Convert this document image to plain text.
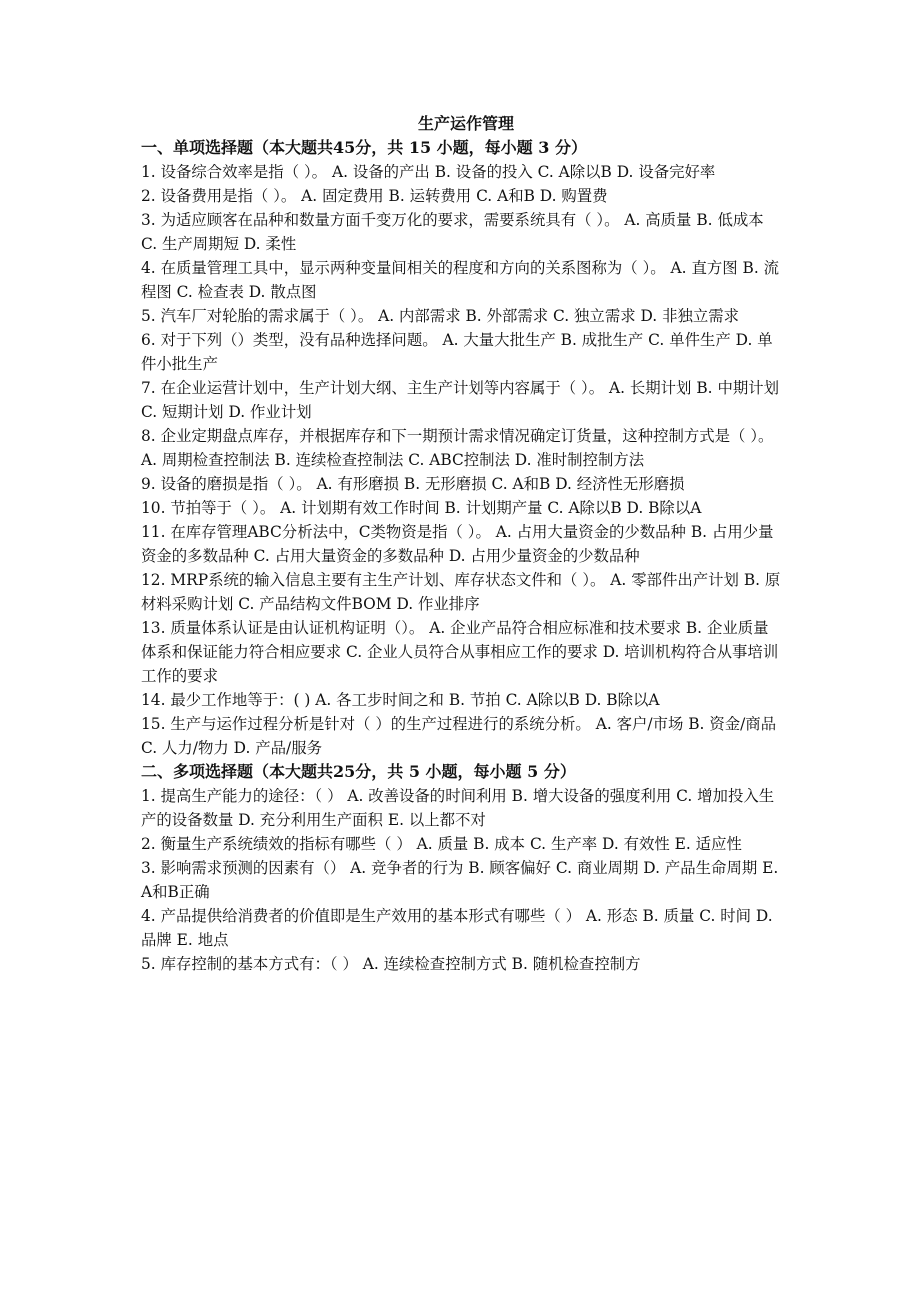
生产运作管理
一、单项选择题（本大题共45分，共 15 小题，每小题 3 分）

1. 设备综合效率是指（ ）。 A. 设备的产出 B. 设备的投入 C. A除以B D. 设备完好率

2. 设备费用是指（ ）。 A. 固定费用 B. 运转费用 C. A和B D. 购置费

3. 为适应顾客在品种和数量方面千变万化的要求，需要系统具有（ ）。 A. 高质量 B. 低成本 C. 生产周期短 D. 柔性

4. 在质量管理工具中，显示两种变量间相关的程度和方向的关系图称为（ ）。 A. 直方图 B. 流程图 C. 检查表 D. 散点图

5. 汽车厂对轮胎的需求属于（ ）。 A. 内部需求 B. 外部需求 C. 独立需求 D. 非独立需求

6. 对于下列（）类型，没有品种选择问题。 A. 大量大批生产 B. 成批生产 C. 单件生产 D. 单件小批生产

7. 在企业运营计划中，生产计划大纲、主生产计划等内容属于（ ）。 A. 长期计划 B. 中期计划 C. 短期计划 D. 作业计划

8. 企业定期盘点库存，并根据库存和下一期预计需求情况确定订货量，这种控制方式是（ ）。 A. 周期检查控制法 B. 连续检查控制法 C. ABC控制法 D. 准时制控制方法

9. 设备的磨损是指（ ）。 A. 有形磨损 B. 无形磨损 C. A和B D. 经济性无形磨损

10. 节拍等于（ ）。 A. 计划期有效工作时间 B. 计划期产量 C. A除以B D. B除以A

11. 在库存管理ABC分析法中，C类物资是指（ ）。 A. 占用大量资金的少数品种 B. 占用少量资金的多数品种 C. 占用大量资金的多数品种 D. 占用少量资金的少数品种

12. MRP系统的输入信息主要有主生产计划、库存状态文件和（ ）。 A. 零部件出产计划 B. 原材料采购计划 C. 产品结构文件BOM D. 作业排序

13. 质量体系认证是由认证机构证明（）。 A. 企业产品符合相应标准和技术要求 B. 企业质量体系和保证能力符合相应要求 C. 企业人员符合从事相应工作的要求 D. 培训机构符合从事培训工作的要求

14. 最少工作地等于：( ) A. 各工步时间之和 B. 节拍 C. A除以B D. B除以A

15. 生产与运作过程分析是针对（ ）的生产过程进行的系统分析。 A. 客户/市场 B. 资金/商品 C. 人力/物力 D. 产品/服务

二、多项选择题（本大题共25分，共 5 小题，每小题 5 分）

1. 提高生产能力的途径：（ ） A. 改善设备的时间利用 B. 增大设备的强度利用 C. 增加投入生产的设备数量 D. 充分利用生产面积 E. 以上都不对

2. 衡量生产系统绩效的指标有哪些（ ） A. 质量 B. 成本 C. 生产率 D. 有效性 E. 适应性

3. 影响需求预测的因素有（） A. 竞争者的行为 B. 顾客偏好 C. 商业周期 D. 产品生命周期 E. A和B正确

4. 产品提供给消费者的价值即是生产效用的基本形式有哪些（ ） A. 形态 B. 质量 C. 时间 D. 品牌 E. 地点

5. 库存控制的基本方式有：（ ） A. 连续检查控制方式 B. 随机检查控制方
